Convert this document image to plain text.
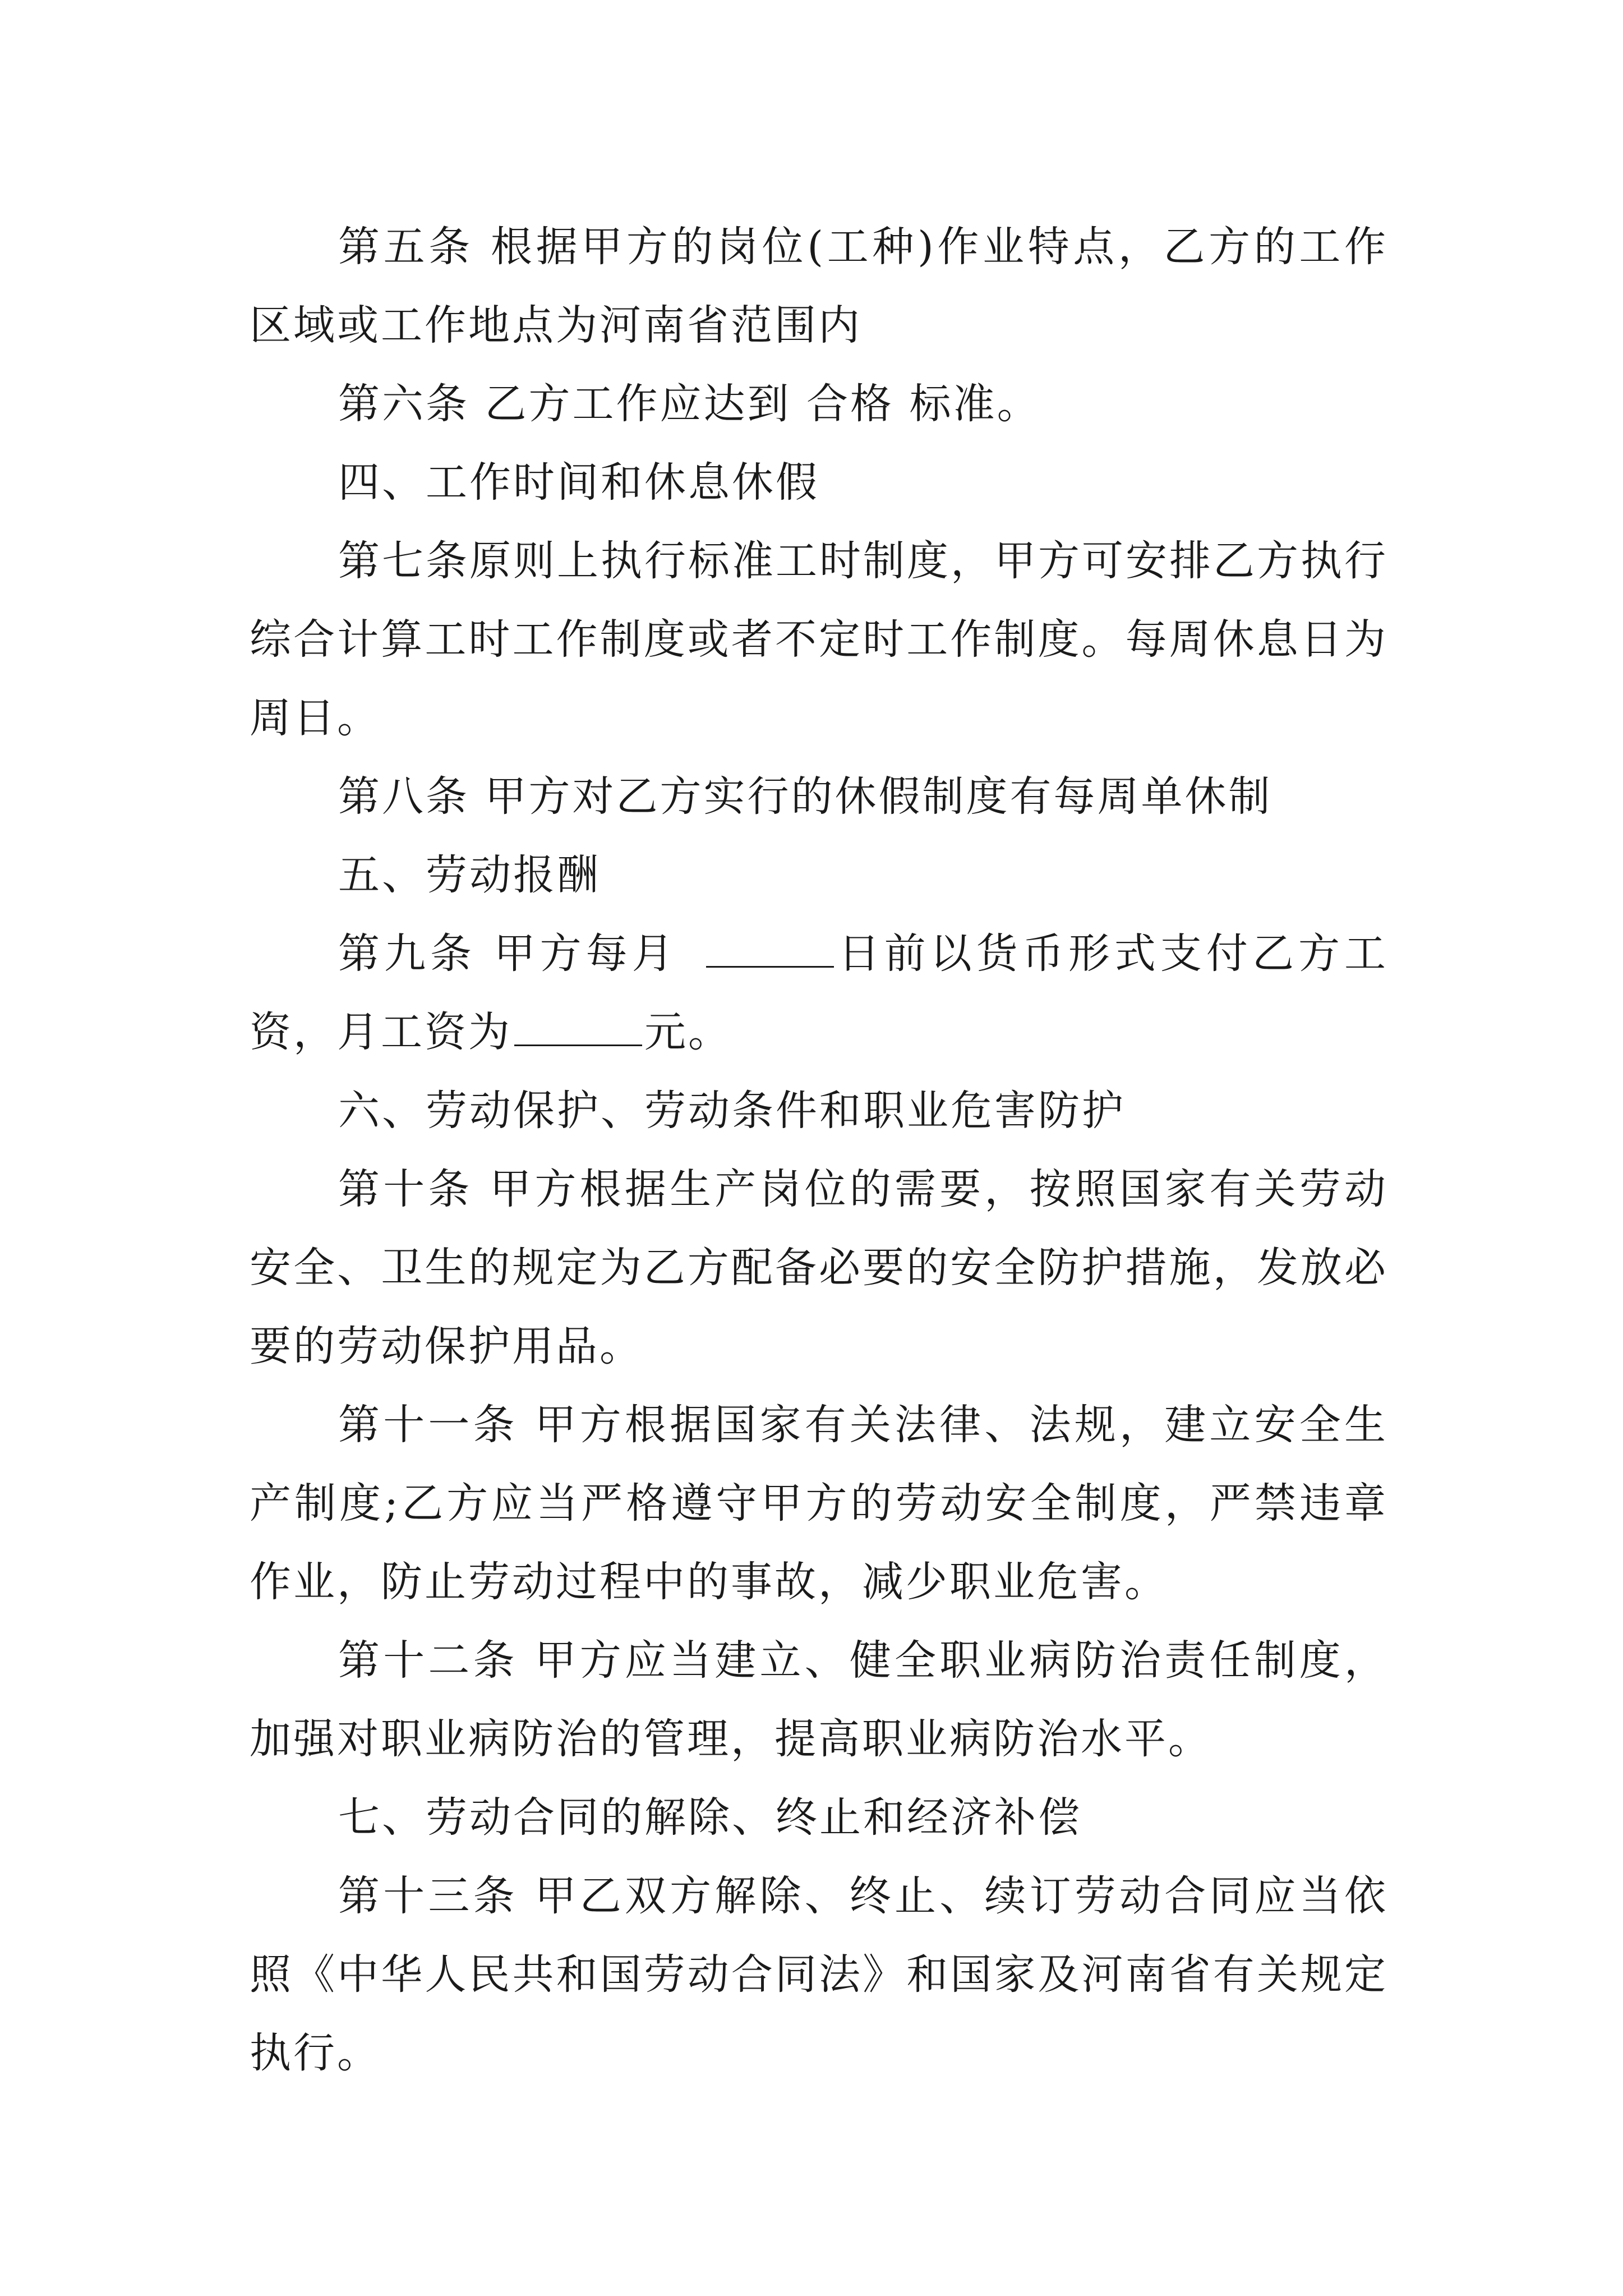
第五条 根据甲方的岗位(工种)作业特点，乙方的工作区域或工作地点为河南省范围内

第六条 乙方工作应达到 合格 标准。

四、工作时间和休息休假

第七条原则上执行标准工时制度，甲方可安排乙方执行综合计算工时工作制度或者不定时工作制度。每周休息日为周日。

第八条 甲方对乙方实行的休假制度有每周单休制

五、劳动报酬

第九条 甲方每月	日前以货币形式支付乙方工资，月工资为	元。

六、劳动保护、劳动条件和职业危害防护

第十条 甲方根据生产岗位的需要，按照国家有关劳动安全、卫生的规定为乙方配备必要的安全防护措施，发放必要的劳动保护用品。

第十一条 甲方根据国家有关法律、法规，建立安全生产制度;乙方应当严格遵守甲方的劳动安全制度，严禁违章作业，防止劳动过程中的事故，减少职业危害。

第十二条 甲方应当建立、健全职业病防治责任制度，加强对职业病防治的管理，提高职业病防治水平。

七、劳动合同的解除、终止和经济补偿

第十三条 甲乙双方解除、终止、续订劳动合同应当依照《中华人民共和国劳动合同法》和国家及河南省有关规定执行。
